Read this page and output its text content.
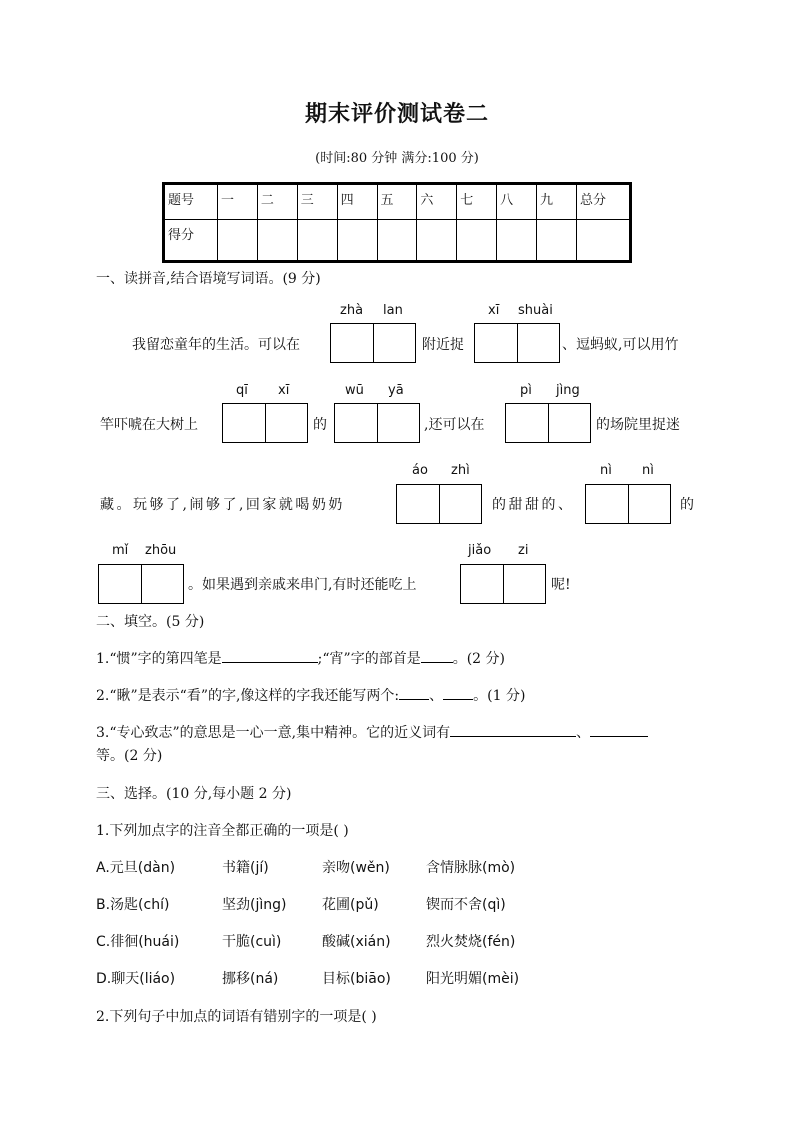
期末评价测试卷二
(时间:80 分钟 满分:100 分)
题号	一	二	三	四	五	六	七	八	九	总分
得分										
一、读拼音,结合语境写词语。(9 分)
zhà lan	xī shuài
我留恋童年的生活。可以在	附近捉	、逗蚂蚁,可以用竹
qī xī	wū yā	pì jìng
竿吓唬在大树上	的	,还可以在	的场院里捉迷
áo zhì	nì nì
藏。玩够了,闹够了,回家就喝奶奶	的甜甜的、	的
mǐ zhōu	jiǎo zi
。如果遇到亲戚来串门,有时还能吃上	呢!
二、填空。(5 分)
1.“惯”字的第四笔是	;“宵”字的部首是 。(2 分)
2.“瞅”是表示“看”的字,像这样的字我还能写两个: 、 。(1 分)
3.“专心致志”的意思是一心一意,集中精神。它的近义词有	、
等。(2 分)
三、选择。(10 分,每小题 2 分)
1.下列加点字的注音全都正确的一项是( )
A.元旦(dàn)	书籍(jí)	亲吻(wěn)	含情脉脉(mò)
B.汤匙(chí)	坚劲(jìng)	花圃(pǔ)	锲而不舍(qì)
C.徘徊(huái)	干脆(cuì)	酸碱(xián)	烈火焚烧(fén)
D.聊天(liáo)	挪移(ná)	目标(biāo)	阳光明媚(mèi)
2.下列句子中加点的词语有错别字的一项是( )
